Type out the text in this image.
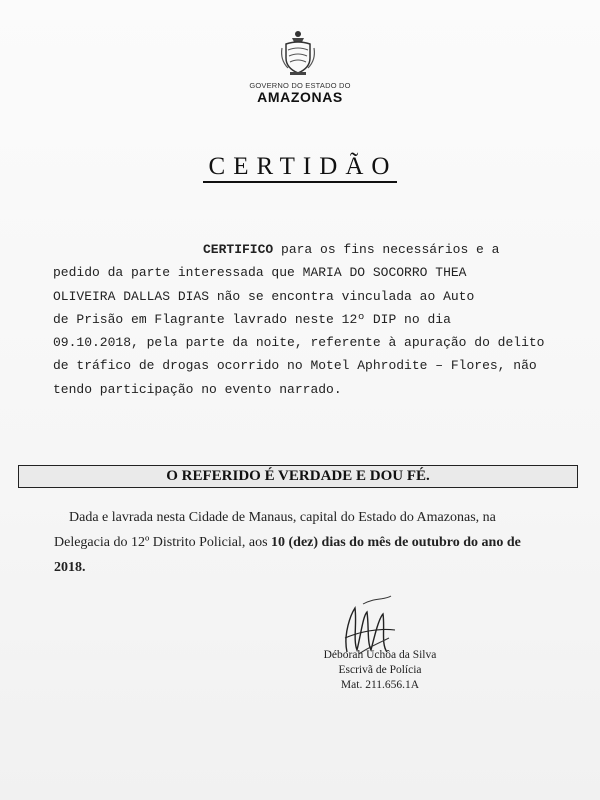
GOVERNO DO ESTADO DO
AMAZONAS
CERTIDÃO
CERTIFICO para os fins necessários e a
pedido da parte interessada que MARIA DO SOCORRO THEA
OLIVEIRA DALLAS DIAS não se encontra vinculada ao Auto
de Prisão em Flagrante lavrado neste 12º DIP no dia
09.10.2018, pela parte da noite, referente à apuração do delito
de tráfico de drogas ocorrido no Motel Aphrodite – Flores, não
tendo participação no evento narrado.
O REFERIDO É VERDADE E DOU FÉ.
Dada e lavrada nesta Cidade de Manaus, capital do Estado do Amazonas, na
Delegacia do 12º Distrito Policial, aos 10 (dez) dias do mês de outubro do ano de
2018.
Déborah Uchôa da Silva
Escrivã de Polícia
Mat. 211.656.1A
